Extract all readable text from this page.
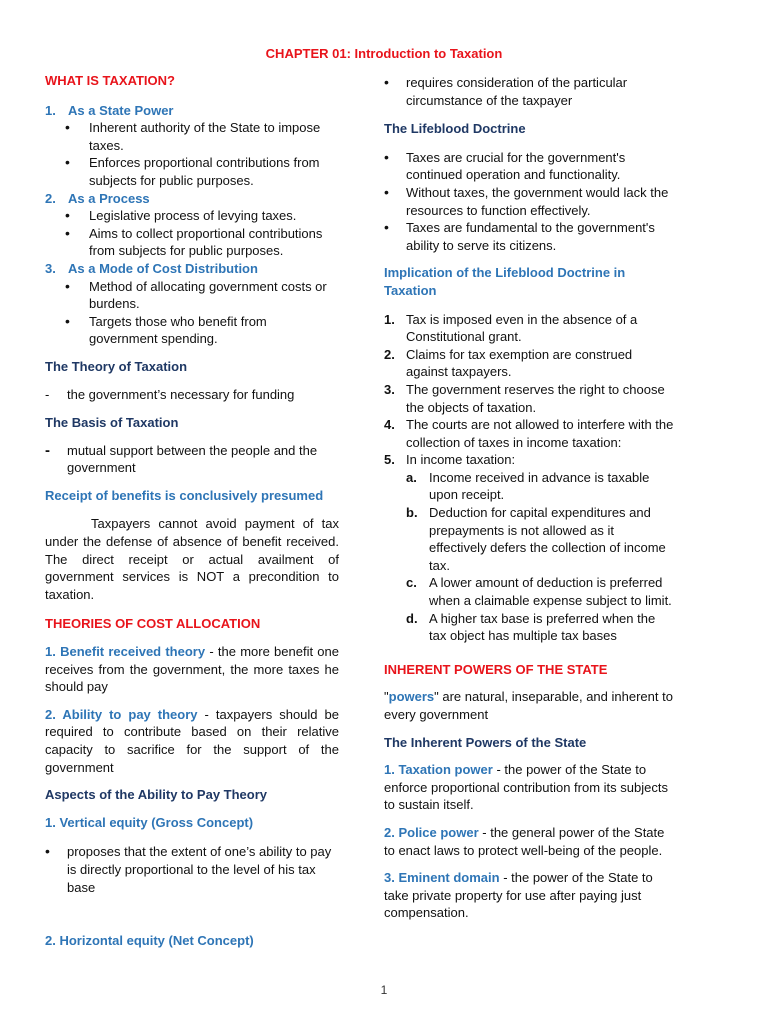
CHAPTER 01: Introduction to Taxation
WHAT IS TAXATION?
1. As a State Power
•	Inherent authority of the State to impose taxes.
•	Enforces proportional contributions from subjects for public purposes.
2. As a Process
•	Legislative process of levying taxes.
•	Aims to collect proportional contributions from subjects for public purposes.
3. As a Mode of Cost Distribution
•	Method of allocating government costs or burdens.
•	Targets those who benefit from government spending.
The Theory of Taxation
-	the government’s necessary for funding
The Basis of Taxation
-	mutual support between the people and the government
Receipt of benefits is conclusively presumed
Taxpayers cannot avoid payment of tax under the defense of absence of benefit received. The direct receipt or actual availment of government services is NOT a precondition to taxation.
THEORIES OF COST ALLOCATION
1. Benefit received theory - the more benefit one receives from the government, the more taxes he should pay
2. Ability to pay theory - taxpayers should be required to contribute based on their relative capacity to sacrifice for the support of the government
Aspects of the Ability to Pay Theory
1. Vertical equity (Gross Concept)
•	proposes that the extent of one’s ability to pay is directly proportional to the level of his tax base
2. Horizontal equity (Net Concept)
•	requires consideration of the particular circumstance of the taxpayer
The Lifeblood Doctrine
•	Taxes are crucial for the government's continued operation and functionality.
•	Without taxes, the government would lack the resources to function effectively.
•	Taxes are fundamental to the government's ability to serve its citizens.
Implication of the Lifeblood Doctrine in Taxation
1. Tax is imposed even in the absence of a Constitutional grant.
2. Claims for tax exemption are construed against taxpayers.
3. The government reserves the right to choose the objects of taxation.
4. The courts are not allowed to interfere with the collection of taxes in income taxation:
5. In income taxation:
a. Income received in advance is taxable upon receipt.
b. Deduction for capital expenditures and prepayments is not allowed as it effectively defers the collection of income tax.
c. A lower amount of deduction is preferred when a claimable expense subject to limit.
d. A higher tax base is preferred when the tax object has multiple tax bases
INHERENT POWERS OF THE STATE
"powers" are natural, inseparable, and inherent to every government
The Inherent Powers of the State
1. Taxation power - the power of the State to enforce proportional contribution from its subjects to sustain itself.
2. Police power - the general power of the State to enact laws to protect well-being of the people.
3. Eminent domain - the power of the State to take private property for use after paying just compensation.
1
